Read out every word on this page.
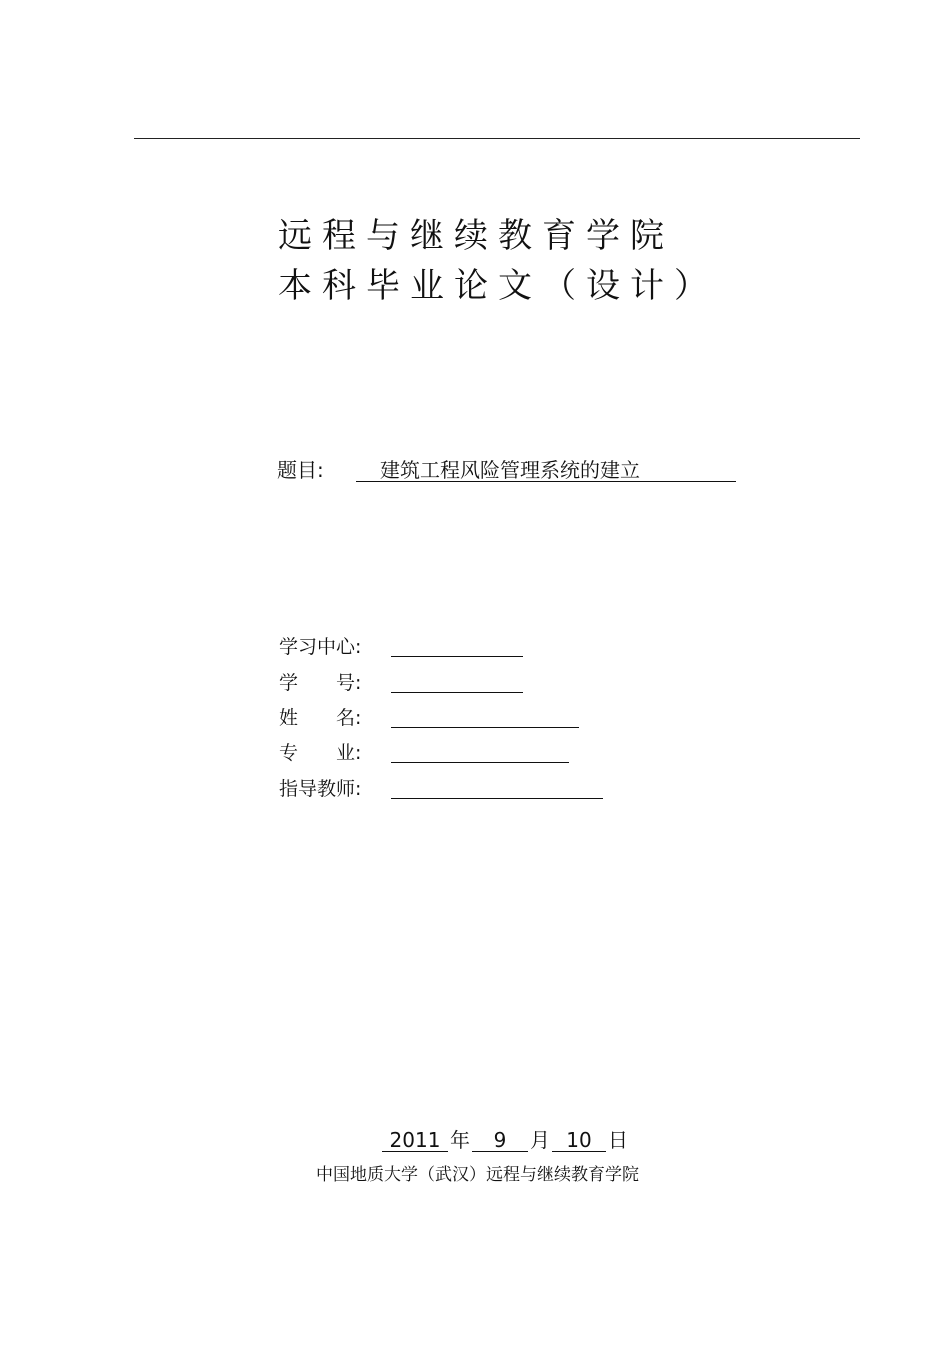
远程与继续教育学院
本科毕业论文（设计）
题目:	建筑工程风险管理系统的建立
学习中心:
学　　号:
姓　　名:
专　　业:
指导教师:
2011 年 9 月 10 日
中国地质大学（武汉）远程与继续教育学院
